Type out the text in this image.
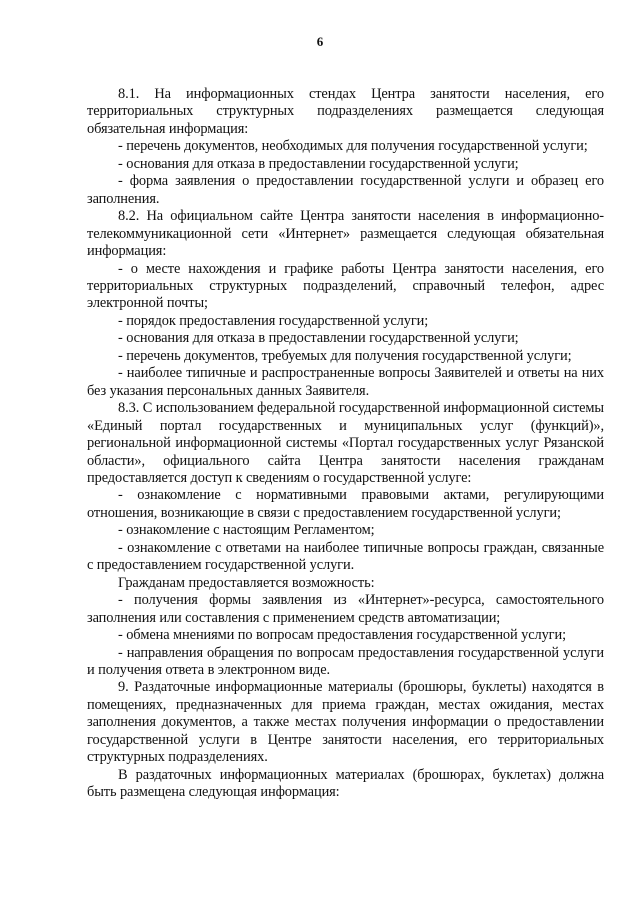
6

8.1. На информационных стендах Центра занятости населения, его территориальных структурных подразделениях размещается следующая обязательная информация:

- перечень документов, необходимых для получения государственной услуги;

- основания для отказа в предоставлении государственной услуги;

- форма заявления о предоставлении государственной услуги и образец его заполнения.

8.2. На официальном сайте Центра занятости населения в информационно-телекоммуникационной сети «Интернет» размещается следующая обязательная информация:

- о месте нахождения и графике работы Центра занятости населения, его территориальных структурных подразделений, справочный телефон, адрес электронной почты;

- порядок предоставления государственной услуги;

- основания для отказа в предоставлении государственной услуги;

- перечень документов, требуемых для получения государственной услуги;

- наиболее типичные и распространенные вопросы Заявителей и ответы на них без указания персональных данных Заявителя.

8.3. С использованием федеральной государственной информационной системы «Единый портал государственных и муниципальных услуг (функций)», региональной информационной системы «Портал государственных услуг Рязанской области», официального сайта Центра занятости населения гражданам предоставляется доступ к сведениям о государственной услуге:

- ознакомление с нормативными правовыми актами, регулирующими отношения, возникающие в связи с предоставлением государственной услуги;

- ознакомление с настоящим Регламентом;

- ознакомление с ответами на наиболее типичные вопросы граждан, связанные с предоставлением государственной услуги.

Гражданам предоставляется возможность:

- получения формы заявления из «Интернет»-ресурса, самостоятельного заполнения или составления с применением средств автоматизации;

- обмена мнениями по вопросам предоставления государственной услуги;

- направления обращения по вопросам предоставления государственной услуги и получения ответа в электронном виде.

9. Раздаточные информационные материалы (брошюры, буклеты) находятся в помещениях, предназначенных для приема граждан, местах ожидания, местах заполнения документов, а также местах получения информации о предоставлении государственной услуги в Центре занятости населения, его территориальных структурных подразделениях.

В раздаточных информационных материалах (брошюрах, буклетах) должна быть размещена следующая информация:
